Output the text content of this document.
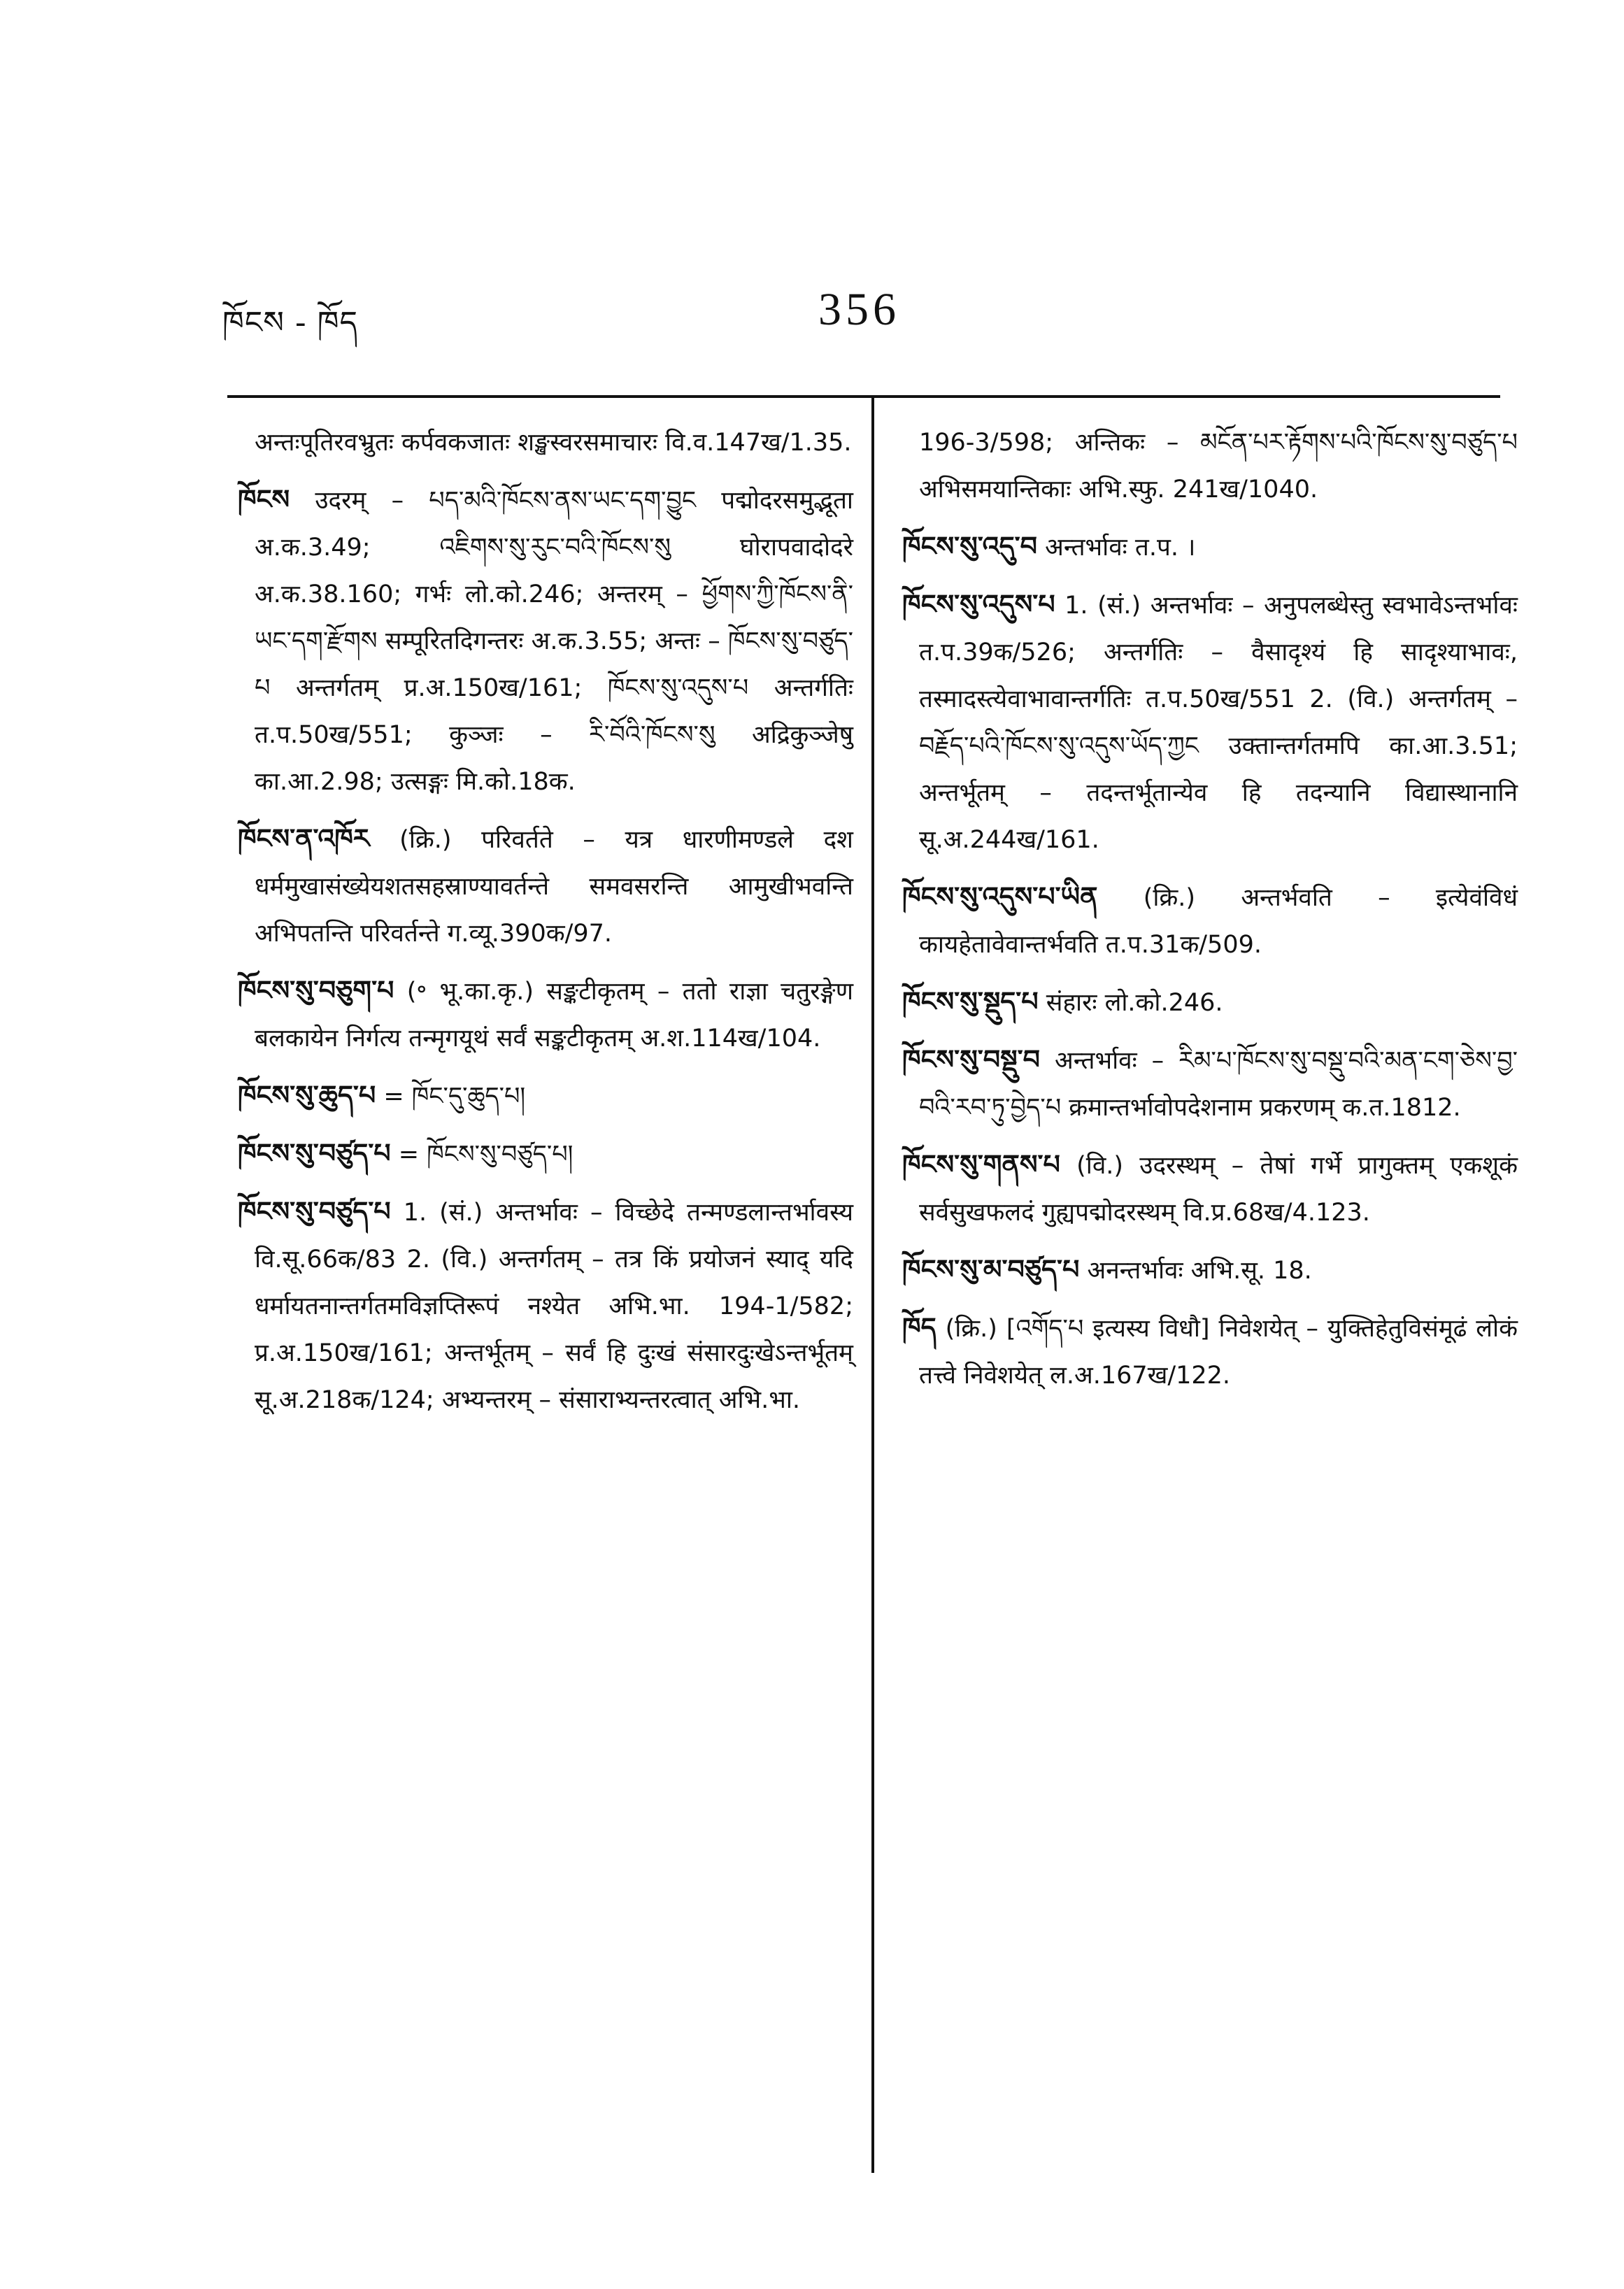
ཁོངས - ཁོད	356
अन्तःपूतिरवभ्रुतः कर्पवकजातः शङ्खस्वरसमाचारः वि.व.147ख/1.35.
ཁོངས उदरम् – པད་མའི་ཁོངས་ནས་ཡང་དག་བྱུང पद्मोदरसमुद्भूता अ.क.3.49; འཇིགས་སུ་རུང་བའི་ཁོངས་སུ घोरापवादोदरे अ.क.38.160; गर्भः लो.को.246; अन्तरम् – ཕྱོགས་ཀྱི་ཁོངས་ནི་ཡང་དག་རྫོགས सम्पूरितदिगन्तरः अ.क.3.55; अन्तः – ཁོངས་སུ་བཙུད་པ अन्तर्गतम् प्र.अ.150ख/161; ཁོངས་སུ་འདུས་པ अन्तर्गतिः त.प.50ख/551; कुञ्जः – རི་བོའི་ཁོངས་སུ अद्रिकुञ्जेषु का.आ.2.98; उत्सङ्गः मि.को.18क.
ཁོངས་ན་འཁོར (क्रि.) परिवर्तते – यत्र धारणीमण्डले दश धर्ममुखासंख्येयशतसहस्राण्यावर्तन्ते समवसरन्ति आमुखीभवन्ति अभिपतन्ति परिवर्तन्ते ग.व्यू.390क/97.
ཁོངས་སུ་བཅུག་པ (॰ भू.का.कृ.) सङ्कटीकृतम् – ततो राज्ञा चतुरङ्गेण बलकायेन निर्गत्य तन्मृगयूथं सर्वं सङ्कटीकृतम् अ.श.114ख/104.
ཁོངས་སུ་ཆུད་པ = ཁོང་དུ་ཆུད་པ།
ཁོངས་སུ་བཙུད་པ = ཁོངས་སུ་བཙུད་པ།
ཁོངས་སུ་བཙུད་པ 1. (सं.) अन्तर्भावः – विच्छेदे तन्मण्डलान्तर्भावस्य वि.सू.66क/83 2. (वि.) अन्तर्गतम् – तत्र किं प्रयोजनं स्याद् यदि धर्मायतनान्तर्गतमविज्ञप्तिरूपं नश्येत अभि.भा. 194-1/582; प्र.अ.150ख/161; अन्तर्भूतम् – सर्वं हि दुःखं संसारदुःखेऽन्तर्भूतम् सू.अ.218क/124; अभ्यन्तरम् – संसाराभ्यन्तरत्वात् अभि.भा.
196-3/598; अन्तिकः – མངོན་པར་རྟོགས་པའི་ཁོངས་སུ་བཙུད་པ अभिसमयान्तिकाः अभि.स्फु. 241ख/1040.
ཁོངས་སུ་འདུ་བ अन्तर्भावः त.प. ।
ཁོངས་སུ་འདུས་པ 1. (सं.) अन्तर्भावः – अनुपलब्धेस्तु स्वभावेऽन्तर्भावः त.प.39क/526; अन्तर्गतिः – वैसादृश्यं हि सादृश्याभावः, तस्मादस्त्येवाभावान्तर्गतिः त.प.50ख/551 2. (वि.) अन्तर्गतम् – བརྗོད་པའི་ཁོངས་སུ་འདུས་ཡོད་ཀྱང उक्तान्तर्गतमपि का.आ.3.51; अन्तर्भूतम् – तदन्तर्भूतान्येव हि तदन्यानि विद्यास्थानानि सू.अ.244ख/161.
ཁོངས་སུ་འདུས་པ་ཡིན (क्रि.) अन्तर्भवति – इत्येवंविधं कायहेतावेवान्तर्भवति त.प.31क/509.
ཁོངས་སུ་སྡུད་པ संहारः लो.को.246.
ཁོངས་སུ་བསྡུ་བ अन्तर्भावः – རིམ་པ་ཁོངས་སུ་བསྡུ་བའི་མན་ངག་ཅེས་བྱ་བའི་རབ་ཏུ་བྱེད་པ क्रमान्तर्भावोपदेशनाम प्रकरणम् क.त.1812.
ཁོངས་སུ་གནས་པ (वि.) उदरस्थम् – तेषां गर्भे प्रागुक्तम् एकशूकं सर्वसुखफलदं गुह्यपद्मोदरस्थम् वि.प्र.68ख/4.123.
ཁོངས་སུ་མ་བཙུད་པ अनन्तर्भावः अभि.सू. 18.
ཁོད (क्रि.) [འགོད་པ इत्यस्य विधौ] निवेशयेत् – युक्तिहेतुविसंमूढं लोकं तत्त्वे निवेशयेत् ल.अ.167ख/122.
